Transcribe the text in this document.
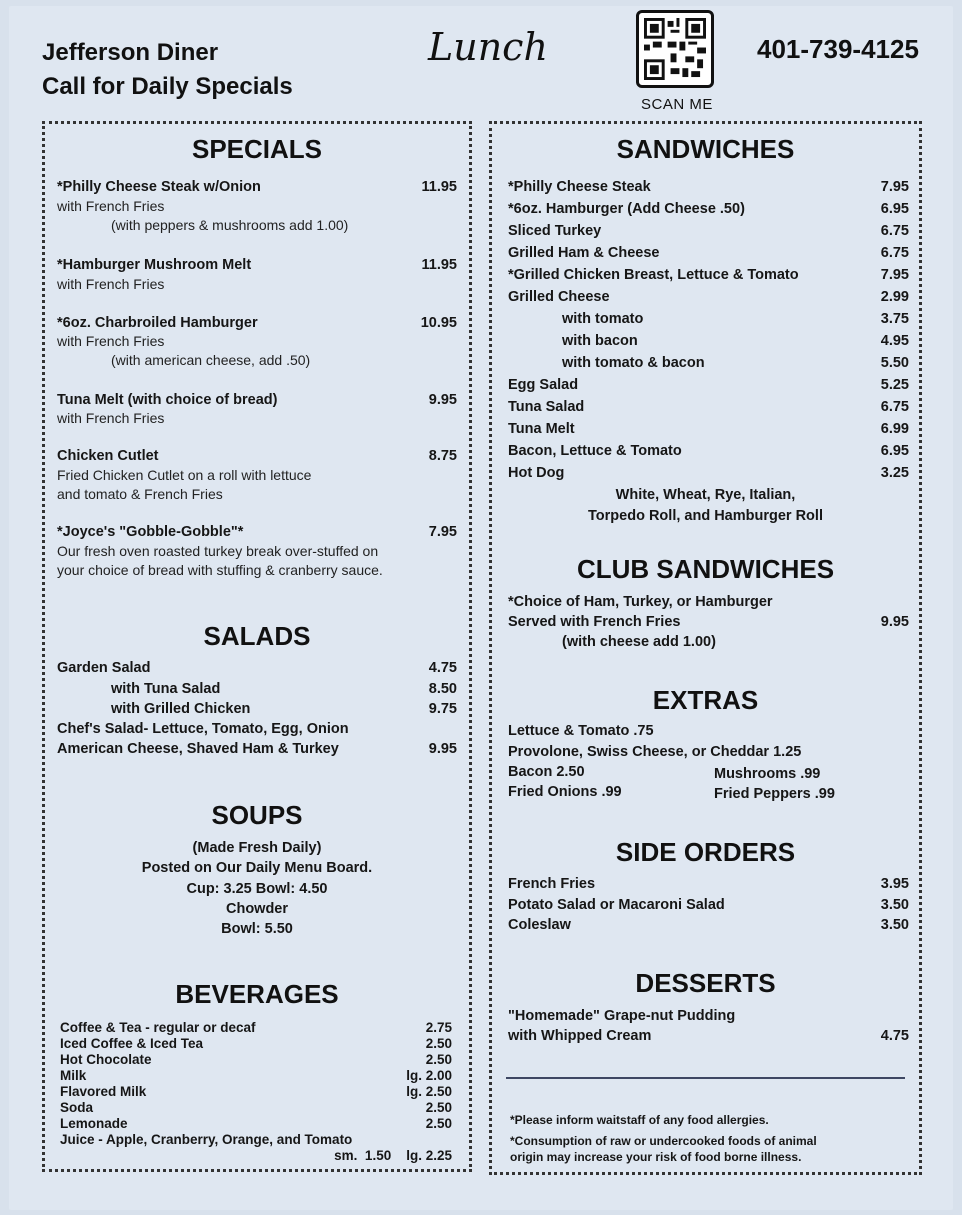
Jefferson Diner
Call for Daily Specials
Lunch
SCAN ME
401-739-4125
SPECIALS
*Philly Cheese Steak w/Onion	11.95
with French Fries
(with peppers & mushrooms add 1.00)
*Hamburger Mushroom Melt	11.95
with French Fries
*6oz. Charbroiled Hamburger	10.95
with French Fries
(with american cheese, add .50)
Tuna Melt (with choice of bread)	9.95
with French Fries
Chicken Cutlet	8.75
Fried Chicken Cutlet on a roll with lettuce
and tomato & French Fries
*Joyce's "Gobble-Gobble"*	7.95
Our fresh oven roasted turkey break over-stuffed on
your choice of bread with stuffing & cranberry sauce.
SALADS
Garden Salad	4.75
with Tuna Salad	8.50
with Grilled Chicken	9.75
Chef's Salad- Lettuce, Tomato, Egg, Onion
American Cheese, Shaved Ham & Turkey	9.95
SOUPS
(Made Fresh Daily)
Posted on Our Daily Menu Board.
Cup: 3.25 Bowl: 4.50
Chowder
Bowl: 5.50
BEVERAGES
Coffee & Tea - regular or decaf	2.75
Iced Coffee & Iced Tea	2.50
Hot Chocolate	2.50
Milk	lg. 2.00
Flavored Milk	lg. 2.50
Soda	2.50
Lemonade	2.50
Juice - Apple, Cranberry, Orange, and Tomato
sm.  1.50    lg. 2.25
SANDWICHES
*Philly Cheese Steak	7.95
*6oz. Hamburger (Add Cheese .50)	6.95
Sliced Turkey	6.75
Grilled Ham & Cheese	6.75
*Grilled Chicken Breast, Lettuce & Tomato	7.95
Grilled Cheese	2.99
with tomato	3.75
with bacon	4.95
with tomato & bacon	5.50
Egg Salad	5.25
Tuna Salad	6.75
Tuna Melt	6.99
Bacon, Lettuce & Tomato	6.95
Hot Dog	3.25
White, Wheat, Rye, Italian,
Torpedo Roll, and Hamburger Roll
CLUB SANDWICHES
*Choice of Ham, Turkey, or Hamburger
Served with French Fries	9.95
(with cheese add 1.00)
EXTRAS
Lettuce & Tomato .75
Provolone, Swiss Cheese, or Cheddar 1.25
Bacon 2.50	Mushrooms .99
Fried Onions .99	Fried Peppers .99
SIDE ORDERS
French Fries	3.95
Potato Salad or Macaroni Salad	3.50
Coleslaw	3.50
DESSERTS
"Homemade" Grape-nut Pudding
with Whipped Cream	4.75
*Please inform waitstaff of any food allergies.
*Consumption of raw or undercooked foods of animal
origin may increase your risk of food borne illness.
